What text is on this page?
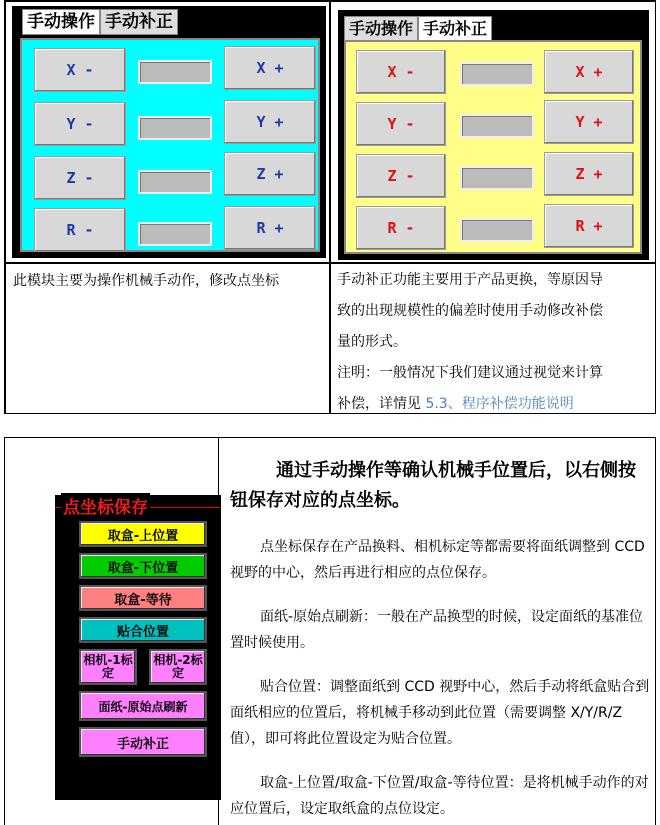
手动操作 手动补正
X -	X +
Y -	Y +
Z -	Z +
R -	R +
手动操作 手动补正
X -	X +
Y -	Y +
Z -	Z +
R -	R +
此模块主要为操作机械手动作，修改点坐标	手动补正功能主要用于产品更换，等原因导
致的出现规模性的偏差时使用手动修改补偿
量的形式。
注明：一般情况下我们建议通过视觉来计算
补偿，详情见 5.3、程序补偿功能说明
点坐标保存
取盒-上位置
取盒-下位置
取盒-等待
贴合位置
相机-1标定
相机-2标定
面纸-原始点刷新
手动补正
通过手动操作等确认机械手位置后，以右侧按钮保存对应的点坐标。
点坐标保存在产品换料、相机标定等都需要将面纸调整到 CCD 视野的中心，然后再进行相应的点位保存。
面纸-原始点刷新：一般在产品换型的时候，设定面纸的基准位置时候使用。
贴合位置：调整面纸到 CCD 视野中心，然后手动将纸盒贴合到面纸相应的位置后，将机械手移动到此位置（需要调整 X/Y/R/Z 值），即可将此位置设定为贴合位置。
取盒-上位置/取盒-下位置/取盒-等待位置：是将机械手动作的对应位置后，设定取纸盒的点位设定。
